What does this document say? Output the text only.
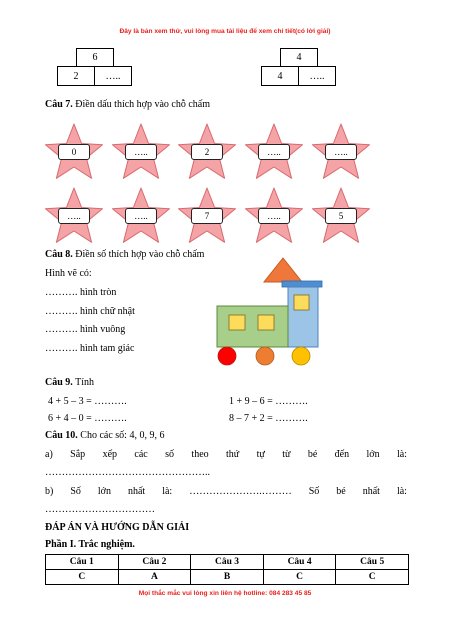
Đây là bản xem thử, vui lòng mua tài liệu để xem chi tiết(có lời giải)
6
2	…..
4
4	…..
Câu 7. Điền dấu thích hợp vào chỗ chấm
0	…..	2	…..	…..
…..	…..	7	…..	5
Câu 8. Điền số thích hợp vào chỗ chấm
Hình vẽ có:
………. hình tròn
………. hình chữ nhật
………. hình vuông
………. hình tam giác
Câu 9. Tính
4 + 5 – 3 = ……….	1 + 9 – 6 = ……….
6 + 4 – 0 = ……….	8 – 7 + 2 = ……….
Câu 10. Cho các số: 4, 0, 9, 6
a) Sắp xếp các số theo thứ tự từ bé đến lớn là:
…………………………………………..
b) Số lớn nhất là: ………………….……… Số bé nhất là:
……………………………
ĐÁP ÁN VÀ HƯỚNG DẪN GIẢI
Phần I. Trắc nghiệm.
Câu 1	Câu 2	Câu 3	Câu 4	Câu 5
C	A	B	C	C
Mọi thắc mắc vui lòng xin liên hệ hotline: 084 283 45 85
